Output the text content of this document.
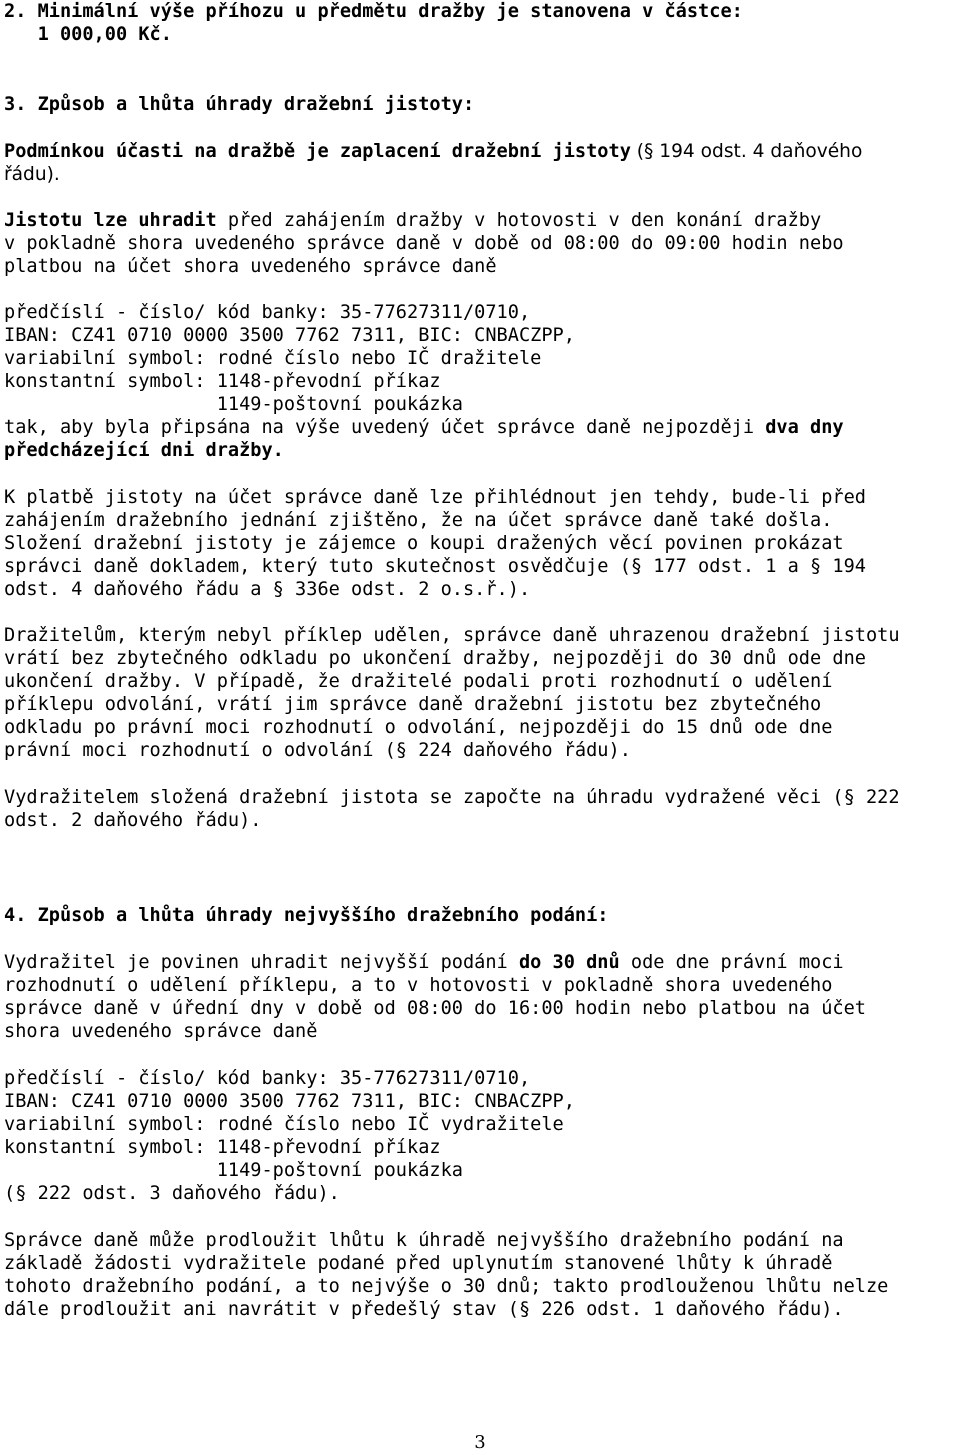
2. Minimální výše příhozu u předmětu dražby je stanovena v částce:
1 000,00 Kč.
3. Způsob a lhůta úhrady dražební jistoty:
Podmínkou účasti na dražbě je zaplacení dražební jistoty (§ 194 odst. 4 daňového
řádu).
Jistotu lze uhradit před zahájením dražby v hotovosti v den konání dražby
v pokladně shora uvedeného správce daně v době od 08:00 do 09:00 hodin nebo
platbou na účet shora uvedeného správce daně
předčíslí - číslo/ kód banky: 35-77627311/0710,
IBAN: CZ41 0710 0000 3500 7762 7311, BIC: CNBACZPP,
variabilní symbol: rodné číslo nebo IČ dražitele
konstantní symbol: 1148-převodní příkaz
1149-poštovní poukázka
tak, aby byla připsána na výše uvedený účet správce daně nejpozději dva dny
předcházející dni dražby.
K platbě jistoty na účet správce daně lze přihlédnout jen tehdy, bude-li před
zahájením dražebního jednání zjištěno, že na účet správce daně také došla.
Složení dražební jistoty je zájemce o koupi dražených věcí povinen prokázat
správci daně dokladem, který tuto skutečnost osvědčuje (§ 177 odst. 1 a § 194
odst. 4 daňového řádu a § 336e odst. 2 o.s.ř.).
Dražitelům, kterým nebyl příklep udělen, správce daně uhrazenou dražební jistotu
vrátí bez zbytečného odkladu po ukončení dražby, nejpozději do 30 dnů ode dne
ukončení dražby. V případě, že dražitelé podali proti rozhodnutí o udělení
příklepu odvolání, vrátí jim správce daně dražební jistotu bez zbytečného
odkladu po právní moci rozhodnutí o odvolání, nejpozději do 15 dnů ode dne
právní moci rozhodnutí o odvolání (§ 224 daňového řádu).
Vydražitelem složená dražební jistota se započte na úhradu vydražené věci (§ 222
odst. 2 daňového řádu).
4. Způsob a lhůta úhrady nejvyššího dražebního podání:
Vydražitel je povinen uhradit nejvyšší podání do 30 dnů ode dne právní moci
rozhodnutí o udělení příklepu, a to v hotovosti v pokladně shora uvedeného
správce daně v úřední dny v době od 08:00 do 16:00 hodin nebo platbou na účet
shora uvedeného správce daně
předčíslí - číslo/ kód banky: 35-77627311/0710,
IBAN: CZ41 0710 0000 3500 7762 7311, BIC: CNBACZPP,
variabilní symbol: rodné číslo nebo IČ vydražitele
konstantní symbol: 1148-převodní příkaz
1149-poštovní poukázka
(§ 222 odst. 3 daňového řádu).
Správce daně může prodloužit lhůtu k úhradě nejvyššího dražebního podání na
základě žádosti vydražitele podané před uplynutím stanovené lhůty k úhradě
tohoto dražebního podání, a to nejvýše o 30 dnů; takto prodlouženou lhůtu nelze
dále prodloužit ani navrátit v předešlý stav (§ 226 odst. 1 daňového řádu).
3
